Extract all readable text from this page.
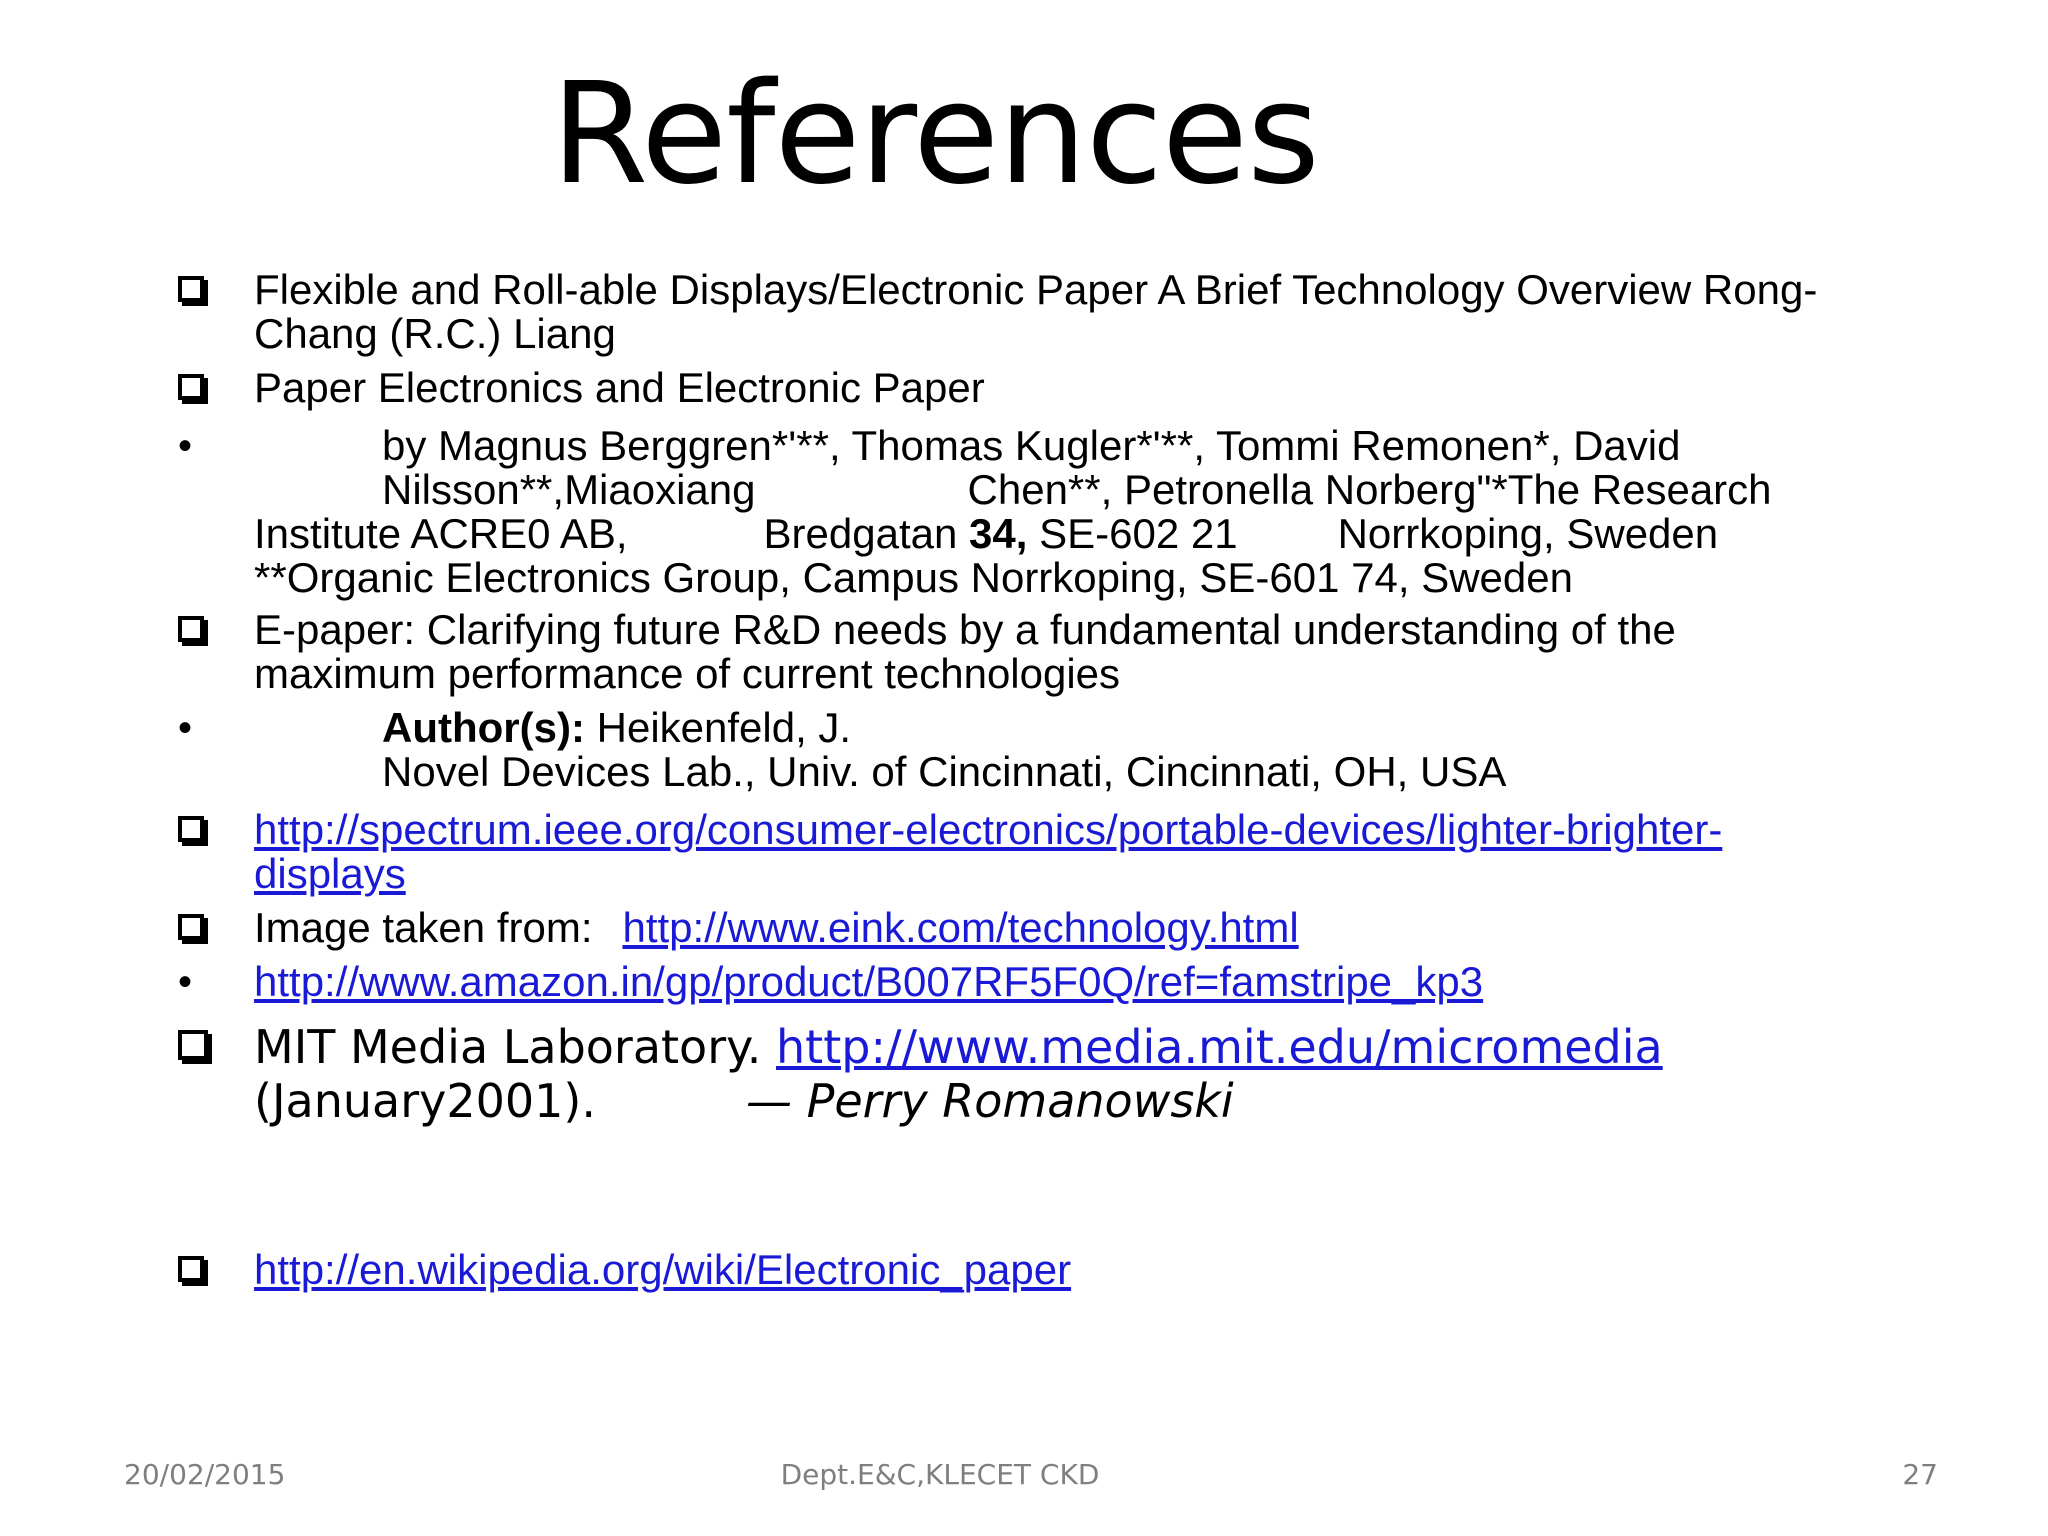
References
Flexible and Roll-able Displays/Electronic Paper A Brief Technology Overview Rong-
Chang (R.C.) Liang
Paper Electronics and Electronic Paper
•	by Magnus Berggren*'**, Thomas Kugler*'**, Tommi Remonen*, David
Nilsson**,Miaoxiang	Chen**, Petronella Norberg"*The Research
Institute ACRE0 AB,	Bredgatan 34, SE-602 21 Norrkoping, Sweden
**Organic Electronics Group, Campus Norrkoping, SE-601 74, Sweden
E-paper: Clarifying future R&D needs by a fundamental understanding of the
maximum performance of current technologies
•	Author(s): Heikenfeld, J.
Novel Devices Lab., Univ. of Cincinnati, Cincinnati, OH, USA
http://spectrum.ieee.org/consumer-electronics/portable-devices/lighter-brighter-
displays
Image taken from: http://www.eink.com/technology.html
• http://www.amazon.in/gp/product/B007RF5F0Q/ref=famstripe_kp3
MIT Media Laboratory. http://www.media.mit.edu/micromedia
(January2001).	— Perry Romanowski
http://en.wikipedia.org/wiki/Electronic_paper
20/02/2015	Dept.E&C,KLECET CKD	27
